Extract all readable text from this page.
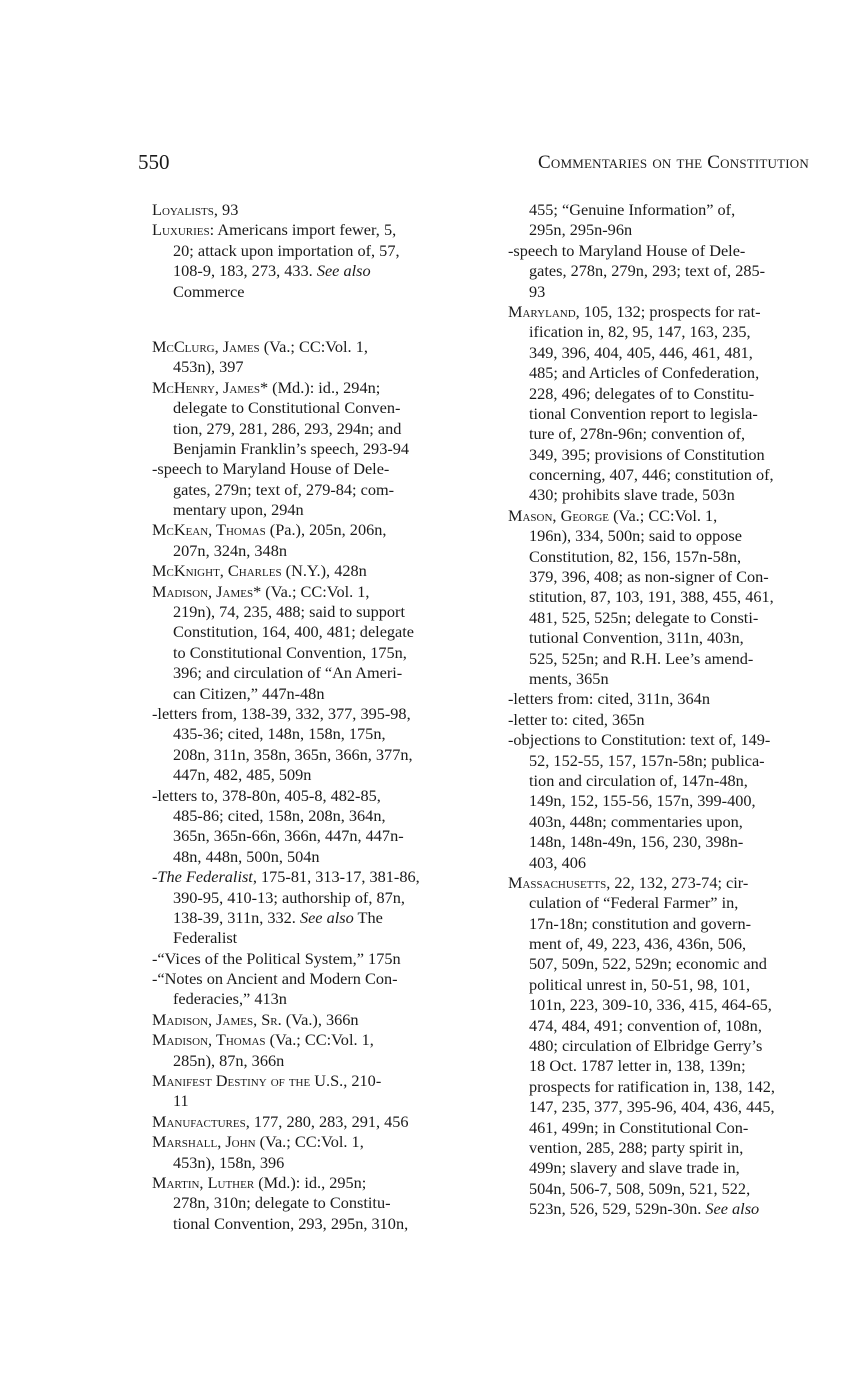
550	Commentaries on the Constitution
Loyalists, 93
Luxuries: Americans import fewer, 5,
20; attack upon importation of, 57,
108-9, 183, 273, 433. See also
Commerce
McClurg, James (Va.; CC:Vol. 1,
453n), 397
McHenry, James* (Md.): id., 294n;
delegate to Constitutional Conven-
tion, 279, 281, 286, 293, 294n; and
Benjamin Franklin’s speech, 293-94
-speech to Maryland House of Dele-
gates, 279n; text of, 279-84; com-
mentary upon, 294n
McKean, Thomas (Pa.), 205n, 206n,
207n, 324n, 348n
McKnight, Charles (N.Y.), 428n
Madison, James* (Va.; CC:Vol. 1,
219n), 74, 235, 488; said to support
Constitution, 164, 400, 481; delegate
to Constitutional Convention, 175n,
396; and circulation of “An Ameri-
can Citizen,” 447n-48n
-letters from, 138-39, 332, 377, 395-98,
435-36; cited, 148n, 158n, 175n,
208n, 311n, 358n, 365n, 366n, 377n,
447n, 482, 485, 509n
-letters to, 378-80n, 405-8, 482-85,
485-86; cited, 158n, 208n, 364n,
365n, 365n-66n, 366n, 447n, 447n-
48n, 448n, 500n, 504n
-The Federalist, 175-81, 313-17, 381-86,
390-95, 410-13; authorship of, 87n,
138-39, 311n, 332. See also The
Federalist
-“Vices of the Political System,” 175n
-“Notes on Ancient and Modern Con-
federacies,” 413n
Madison, James, Sr. (Va.), 366n
Madison, Thomas (Va.; CC:Vol. 1,
285n), 87n, 366n
Manifest Destiny of the U.S., 210-
11
Manufactures, 177, 280, 283, 291, 456
Marshall, John (Va.; CC:Vol. 1,
453n), 158n, 396
Martin, Luther (Md.): id., 295n;
278n, 310n; delegate to Constitu-
tional Convention, 293, 295n, 310n,
455; “Genuine Information” of,
295n, 295n-96n
-speech to Maryland House of Dele-
gates, 278n, 279n, 293; text of, 285-
93
Maryland, 105, 132; prospects for rat-
ification in, 82, 95, 147, 163, 235,
349, 396, 404, 405, 446, 461, 481,
485; and Articles of Confederation,
228, 496; delegates of to Constitu-
tional Convention report to legisla-
ture of, 278n-96n; convention of,
349, 395; provisions of Constitution
concerning, 407, 446; constitution of,
430; prohibits slave trade, 503n
Mason, George (Va.; CC:Vol. 1,
196n), 334, 500n; said to oppose
Constitution, 82, 156, 157n-58n,
379, 396, 408; as non-signer of Con-
stitution, 87, 103, 191, 388, 455, 461,
481, 525, 525n; delegate to Consti-
tutional Convention, 311n, 403n,
525, 525n; and R.H. Lee’s amend-
ments, 365n
-letters from: cited, 311n, 364n
-letter to: cited, 365n
-objections to Constitution: text of, 149-
52, 152-55, 157, 157n-58n; publica-
tion and circulation of, 147n-48n,
149n, 152, 155-56, 157n, 399-400,
403n, 448n; commentaries upon,
148n, 148n-49n, 156, 230, 398n-
403, 406
Massachusetts, 22, 132, 273-74; cir-
culation of “Federal Farmer” in,
17n-18n; constitution and govern-
ment of, 49, 223, 436, 436n, 506,
507, 509n, 522, 529n; economic and
political unrest in, 50-51, 98, 101,
101n, 223, 309-10, 336, 415, 464-65,
474, 484, 491; convention of, 108n,
480; circulation of Elbridge Gerry’s
18 Oct. 1787 letter in, 138, 139n;
prospects for ratification in, 138, 142,
147, 235, 377, 395-96, 404, 436, 445,
461, 499n; in Constitutional Con-
vention, 285, 288; party spirit in,
499n; slavery and slave trade in,
504n, 506-7, 508, 509n, 521, 522,
523n, 526, 529, 529n-30n. See also
